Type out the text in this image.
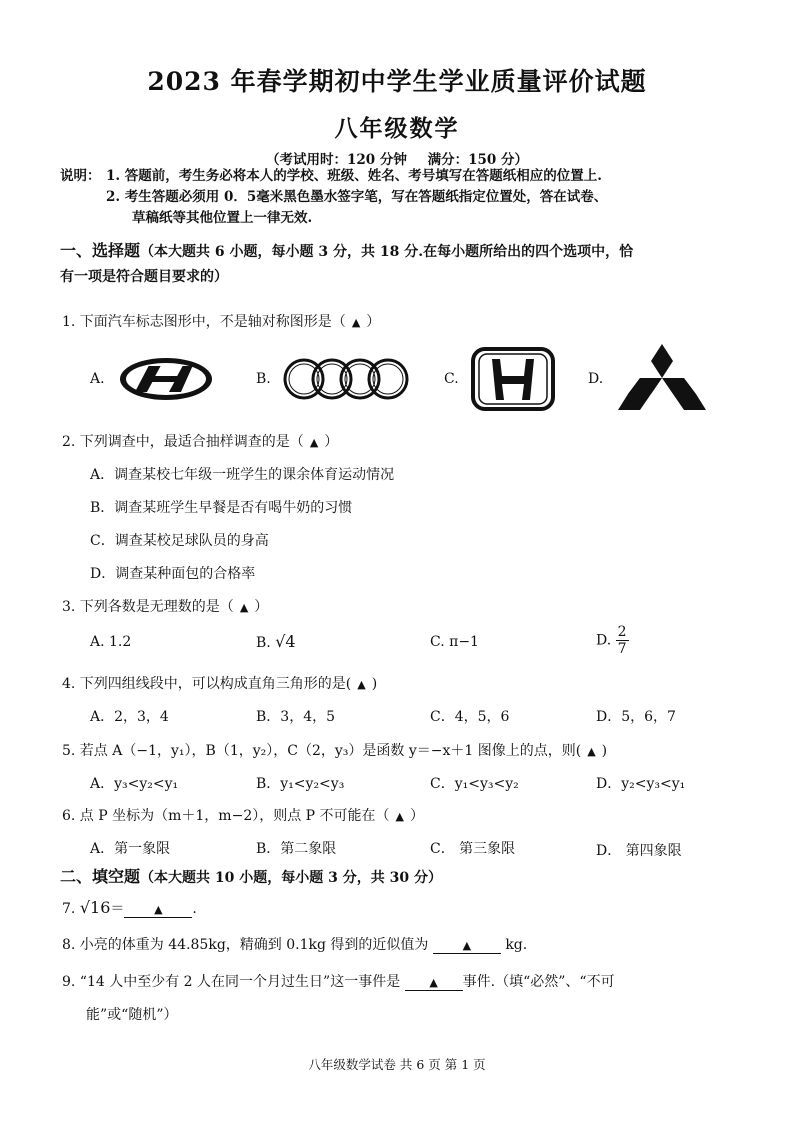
2023 年春学期初中学生学业质量评价试题
八年级数学
（考试用时：120 分钟 满分：150 分）
说明： 1. 答题前，考生务必将本人的学校、班级、姓名、考号填写在答题纸相应的位置上.
2. 考生答题必须用 0．5毫米黑色墨水签字笔，写在答题纸指定位置处，答在试卷、
草稿纸等其他位置上一律无效.
一、选择题（本大题共 6 小题，每小题 3 分，共 18 分.在每小题所给出的四个选项中，恰
有一项是符合题目要求的）
1. 下面汽车标志图形中，不是轴对称图形是（ ▲ ）
A.	B.	C.	D.
2. 下列调查中，最适合抽样调查的是（ ▲ ）
A．调查某校七年级一班学生的课余体育运动情况
B．调查某班学生早餐是否有喝牛奶的习惯
C．调查某校足球队员的身高
D．调查某种面包的合格率
3. 下列各数是无理数的是（ ▲ ）
A. 1.2	B. √4	C. π−1	D. $\frac{2}{7}$
4. 下列四组线段中，可以构成直角三角形的是( ▲ )
A．2，3，4	B．3，4，5	C．4，5，6	D．5，6，7
5. 若点 A（−1，y₁），B（1，y₂），C（2，y₃）是函数 y＝−x＋1 图像上的点，则( ▲ )
A．y₃<y₂<y₁	B．y₁<y₂<y₃	C．y₁<y₃<y₂	D．y₂<y₃<y₁
6. 点 P 坐标为（m＋1，m−2），则点 P 不可能在（ ▲ ）
A．第一象限	B．第二象限	C． 第三象限	D． 第四象限
二、填空题（本大题共 10 小题，每小题 3 分，共 30 分）
7. √16＝	▲ .
8. 小亮的体重为 44.85kg，精确到 0.1kg 得到的近似值为	▲ kg.
9. “14 人中至少有 2 人在同一个月过生日”这一事件是	▲ 事件.（填“必然”、“不可
能”或“随机”）
八年级数学试卷 共 6 页 第 1 页
